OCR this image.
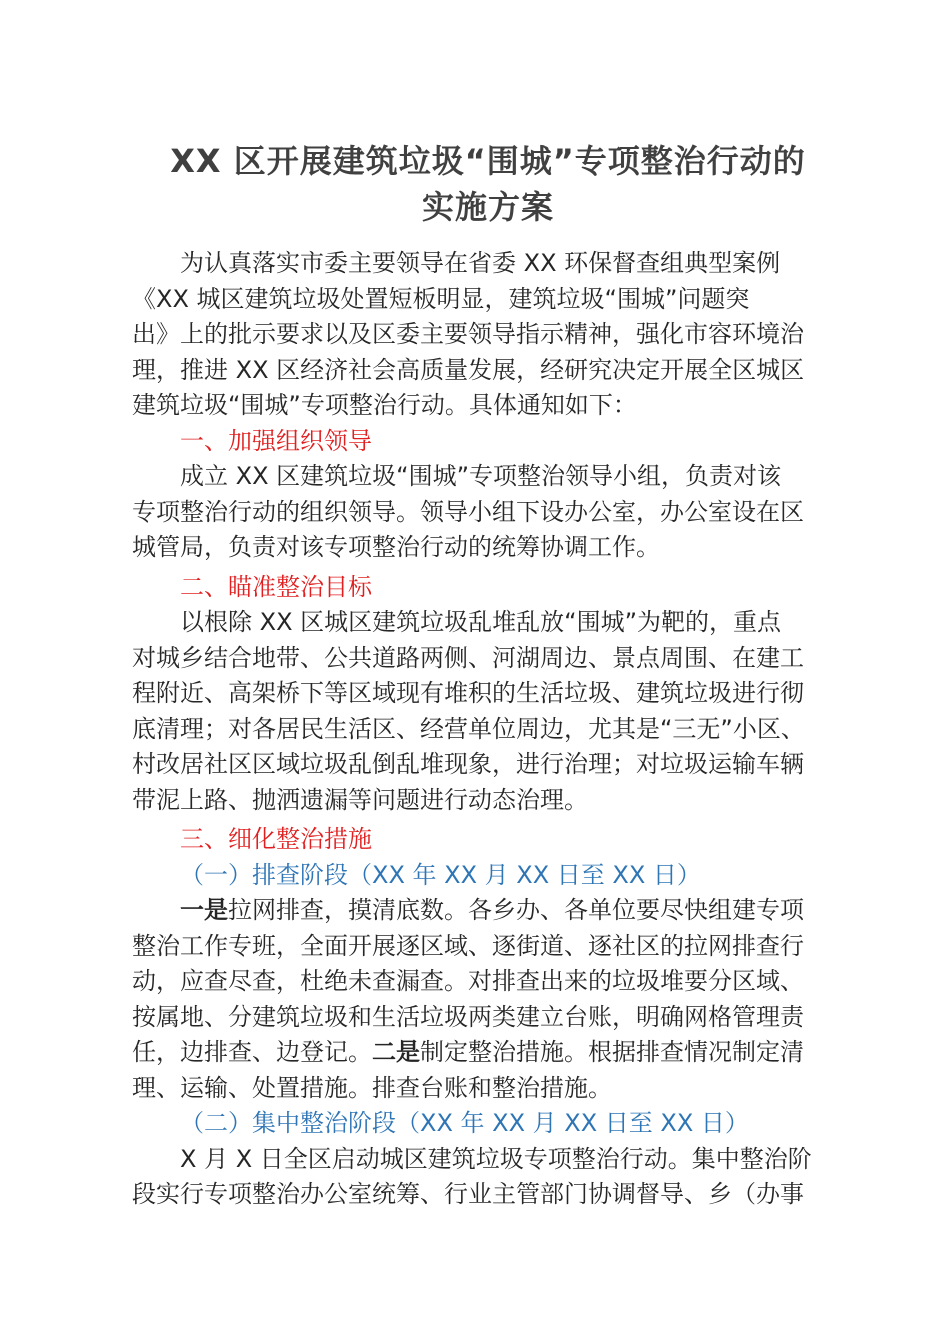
XX 区开展建筑垃圾“围城”专项整治行动的
实施方案
为认真落实市委主要领导在省委 XX 环保督查组典型案例
《XX 城区建筑垃圾处置短板明显，建筑垃圾“围城”问题突
出》上的批示要求以及区委主要领导指示精神，强化市容环境治
理，推进 XX 区经济社会高质量发展，经研究决定开展全区城区
建筑垃圾“围城”专项整治行动。具体通知如下：
一、加强组织领导
成立 XX 区建筑垃圾“围城”专项整治领导小组，负责对该
专项整治行动的组织领导。领导小组下设办公室，办公室设在区
城管局，负责对该专项整治行动的统筹协调工作。
二、瞄准整治目标
以根除 XX 区城区建筑垃圾乱堆乱放“围城”为靶的，重点
对城乡结合地带、公共道路两侧、河湖周边、景点周围、在建工
程附近、高架桥下等区域现有堆积的生活垃圾、建筑垃圾进行彻
底清理；对各居民生活区、经营单位周边，尤其是“三无”小区、
村改居社区区域垃圾乱倒乱堆现象，进行治理；对垃圾运输车辆
带泥上路、抛洒遗漏等问题进行动态治理。
三、细化整治措施
（一）排查阶段（XX 年 XX 月 XX 日至 XX 日）
一是拉网排查，摸清底数。各乡办、各单位要尽快组建专项
整治工作专班，全面开展逐区域、逐街道、逐社区的拉网排查行
动，应查尽查，杜绝未查漏查。对排查出来的垃圾堆要分区域、
按属地、分建筑垃圾和生活垃圾两类建立台账，明确网格管理责
任，边排查、边登记。二是制定整治措施。根据排查情况制定清
理、运输、处置措施。排查台账和整治措施。
（二）集中整治阶段（XX 年 XX 月 XX 日至 XX 日）
X 月 X 日全区启动城区建筑垃圾专项整治行动。集中整治阶
段实行专项整治办公室统筹、行业主管部门协调督导、乡（办事
